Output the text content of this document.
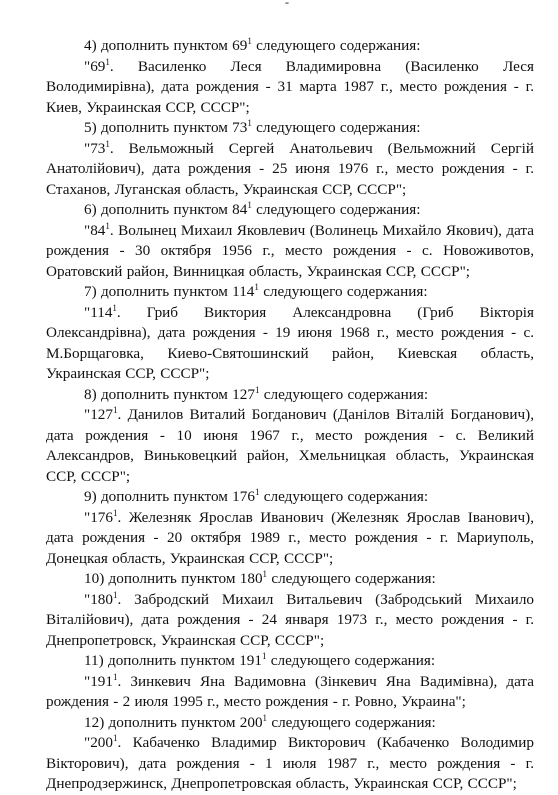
-

4) дополнить пунктом $69^1$ следующего содержания:

"$69^1$. Василенко Леся Владимировна (Василенко Леся Володимирівна), дата рождения - 31 марта 1987 г., место рождения - г. Киев, Украинская ССР, СССР";

5) дополнить пунктом $73^1$ следующего содержания:

"$73^1$. Вельможный Сергей Анатольевич (Вельможний Сергій Анатолійович), дата рождения - 25 июня 1976 г., место рождения - г. Стаханов, Луганская область, Украинская ССР, СССР";

6) дополнить пунктом $84^1$ следующего содержания:

"$84^1$. Волынец Михаил Яковлевич (Волинець Михайло Якович), дата рождения - 30 октября 1956 г., место рождения - с. Новоживотов, Оратовский район, Винницкая область, Украинская ССР, СССР";

7) дополнить пунктом $114^1$ следующего содержания:

"$114^1$. Гриб Виктория Александровна (Гриб Вікторія Олександрівна), дата рождения - 19 июня 1968 г., место рождения - с. М.Борщаговка, Киево-Святошинский район, Киевская область, Украинская ССР, СССР";

8) дополнить пунктом $127^1$ следующего содержания:

"$127^1$. Данилов Виталий Богданович (Данілов Віталій Богданович), дата рождения - 10 июня 1967 г., место рождения - с. Великий Александров, Виньковецкий район, Хмельницкая область, Украинская ССР, СССР";

9) дополнить пунктом $176^1$ следующего содержания:

"$176^1$. Железняк Ярослав Иванович (Железняк Ярослав Іванович), дата рождения - 20 октября 1989 г., место рождения - г. Мариуполь, Донецкая область, Украинская ССР, СССР";

10) дополнить пунктом $180^1$ следующего содержания:

"$180^1$. Забродский Михаил Витальевич (Забродський Михаило Віталійович), дата рождения - 24 января 1973 г., место рождения - г. Днепропетровск, Украинская ССР, СССР";

11) дополнить пунктом $191^1$ следующего содержания:

"$191^1$. Зинкевич Яна Вадимовна (Зінкевич Яна Вадимівна), дата рождения - 2 июля 1995 г., место рождения - г. Ровно, Украина";

12) дополнить пунктом $200^1$ следующего содержания:

"$200^1$. Кабаченко Владимир Викторович (Кабаченко Володимир Вікторович), дата рождения - 1 июля 1987 г., место рождения - г. Днепродзержинск, Днепропетровская область, Украинская ССР, СССР";
